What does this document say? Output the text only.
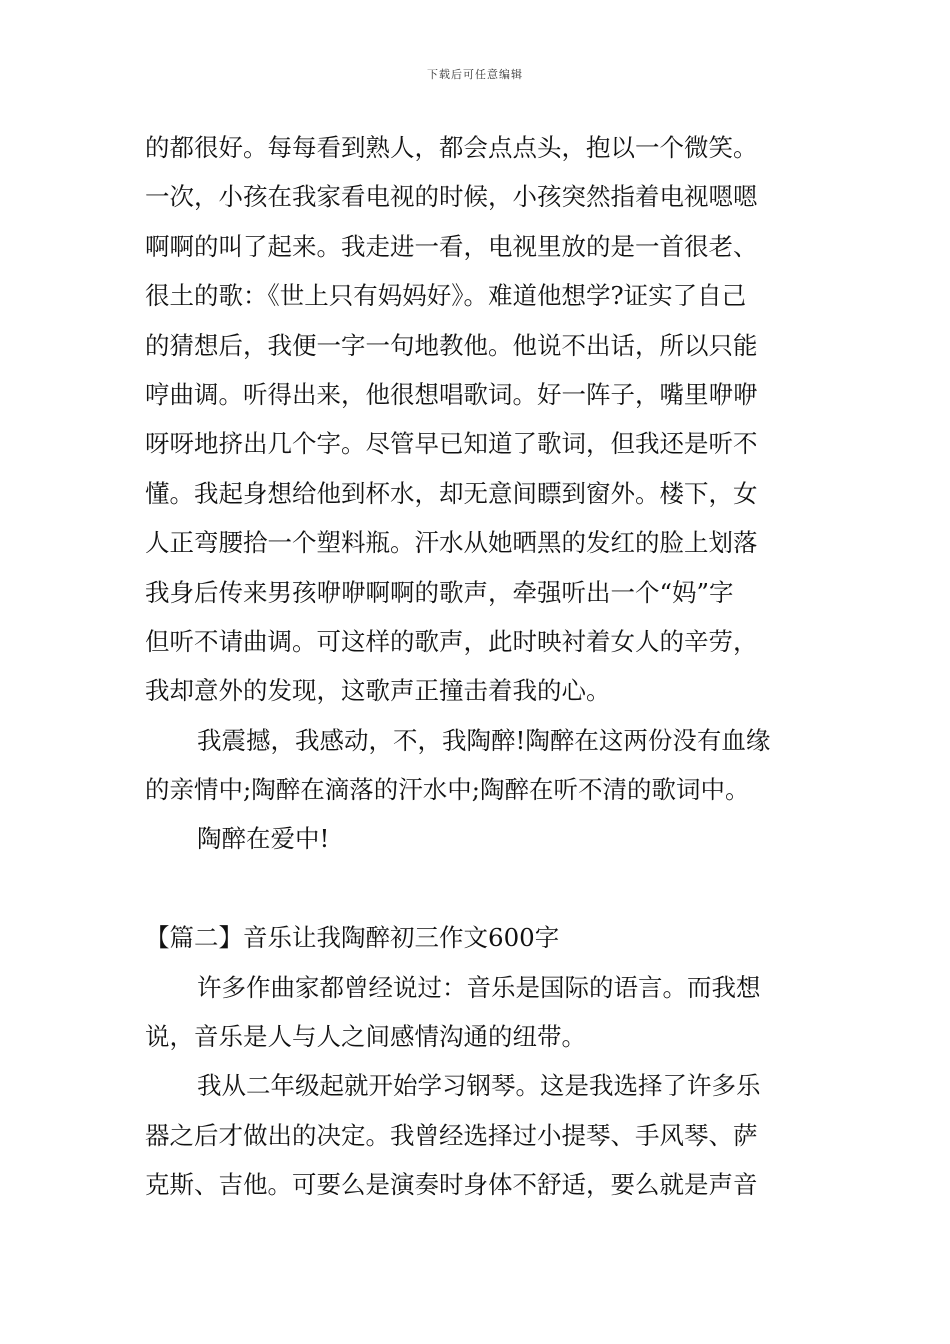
下载后可任意编辑
的都很好。每每看到熟人，都会点点头，抱以一个微笑。
一次，小孩在我家看电视的时候，小孩突然指着电视嗯嗯
啊啊的叫了起来。我走进一看，电视里放的是一首很老、
很土的歌：《世上只有妈妈好》。难道他想学?证实了自己
的猜想后，我便一字一句地教他。他说不出话，所以只能
哼曲调。听得出来，他很想唱歌词。好一阵子，嘴里咿咿
呀呀地挤出几个字。尽管早已知道了歌词，但我还是听不
懂。我起身想给他到杯水，却无意间瞟到窗外。楼下，女
人正弯腰拾一个塑料瓶。汗水从她晒黑的发红的脸上划落
我身后传来男孩咿咿啊啊的歌声，牵强听出一个“妈”字
但听不请曲调。可这样的歌声，此时映衬着女人的辛劳，
我却意外的发现，这歌声正撞击着我的心。
我震撼，我感动，不，我陶醉!陶醉在这两份没有血缘
的亲情中;陶醉在滴落的汗水中;陶醉在听不清的歌词中。
陶醉在爱中!
【篇二】音乐让我陶醉初三作文600字
许多作曲家都曾经说过：音乐是国际的语言。而我想
说，音乐是人与人之间感情沟通的纽带。
我从二年级起就开始学习钢琴。这是我选择了许多乐
器之后才做出的决定。我曾经选择过小提琴、手风琴、萨
克斯、吉他。可要么是演奏时身体不舒适，要么就是声音
